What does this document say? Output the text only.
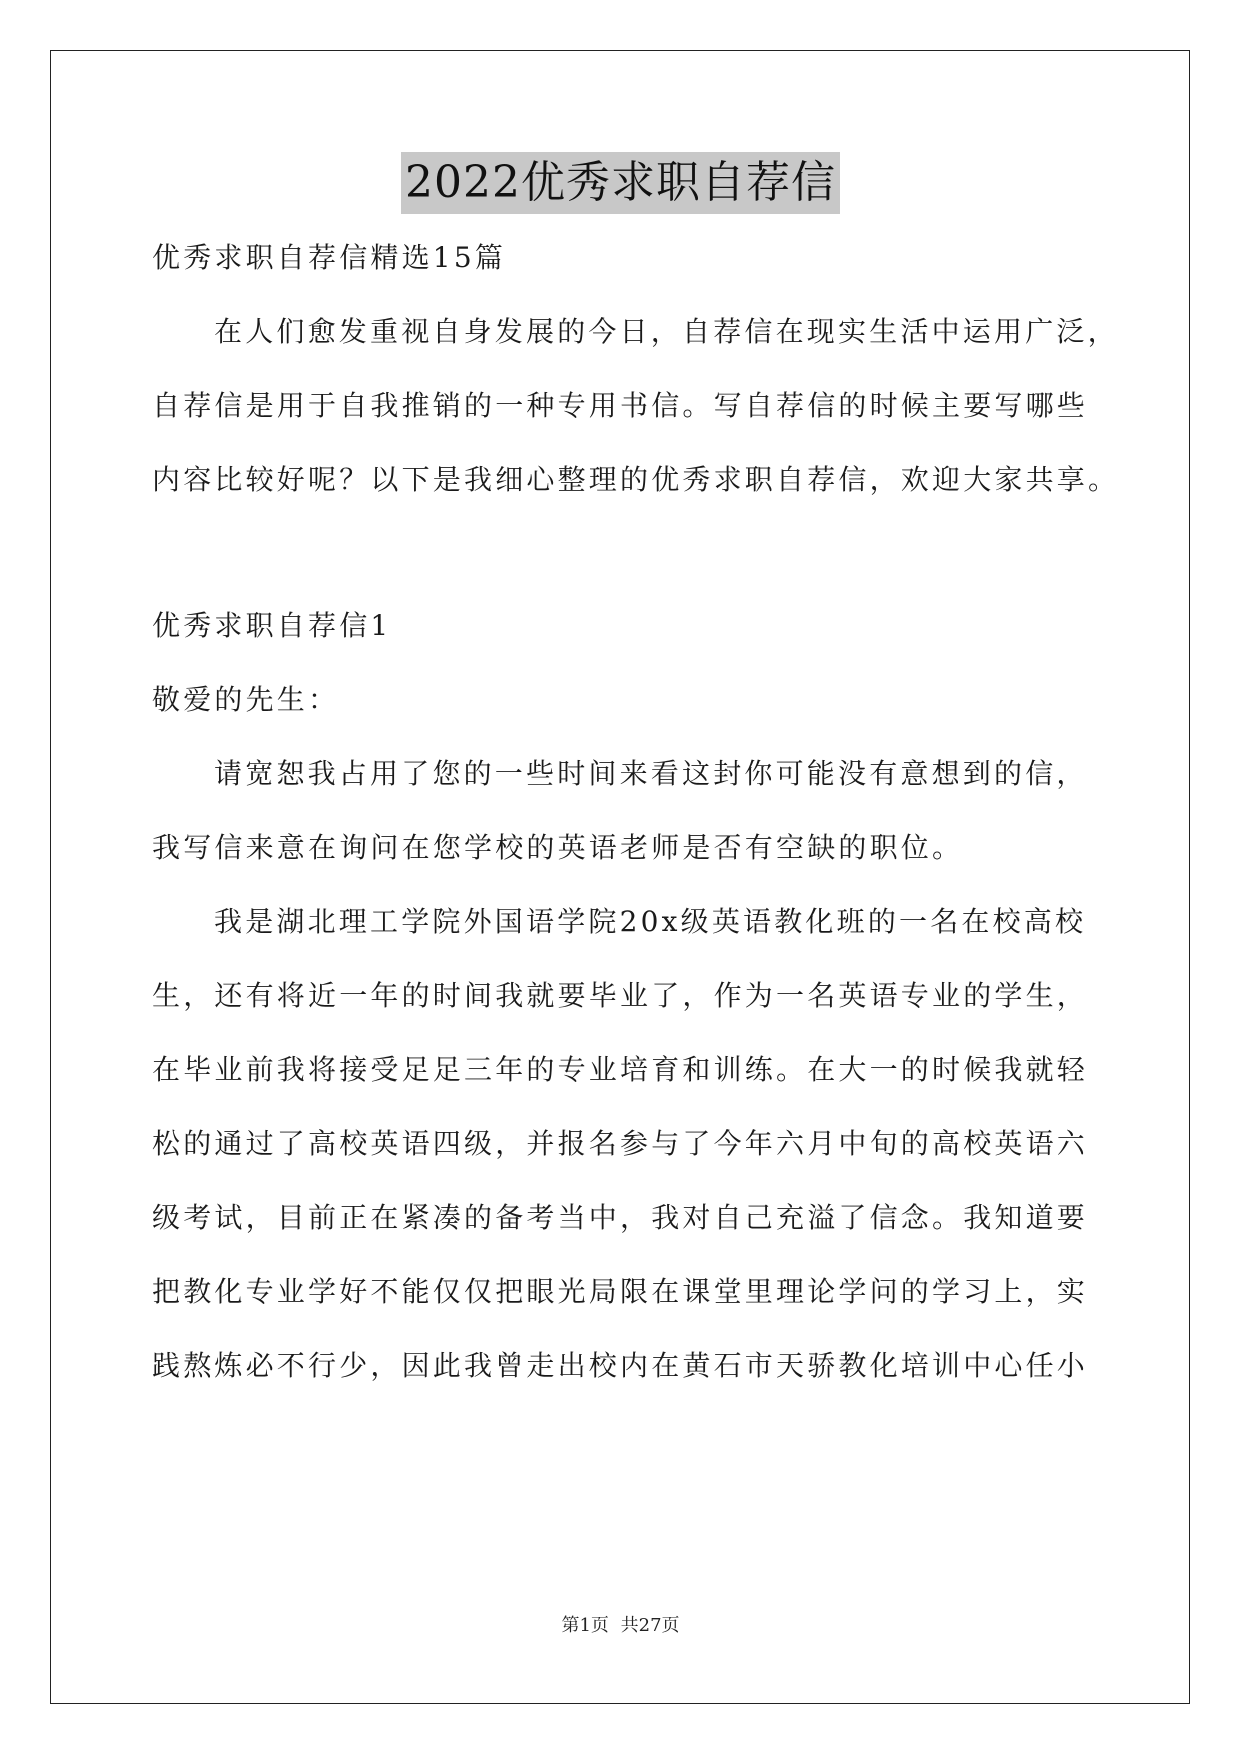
2022优秀求职自荐信
优秀求职自荐信精选15篇
在人们愈发重视自身发展的今日，自荐信在现实生活中运用广泛，
自荐信是用于自我推销的一种专用书信。写自荐信的时候主要写哪些
内容比较好呢？以下是我细心整理的优秀求职自荐信，欢迎大家共享。
优秀求职自荐信1
敬爱的先生：
请宽恕我占用了您的一些时间来看这封你可能没有意想到的信，
我写信来意在询问在您学校的英语老师是否有空缺的职位。
我是湖北理工学院外国语学院20x级英语教化班的一名在校高校
生，还有将近一年的时间我就要毕业了，作为一名英语专业的学生，
在毕业前我将接受足足三年的专业培育和训练。在大一的时候我就轻
松的通过了高校英语四级，并报名参与了今年六月中旬的高校英语六
级考试，目前正在紧凑的备考当中，我对自己充溢了信念。我知道要
把教化专业学好不能仅仅把眼光局限在课堂里理论学问的学习上，实
践熬炼必不行少，因此我曾走出校内在黄石市天骄教化培训中心任小
第1页 共27页
